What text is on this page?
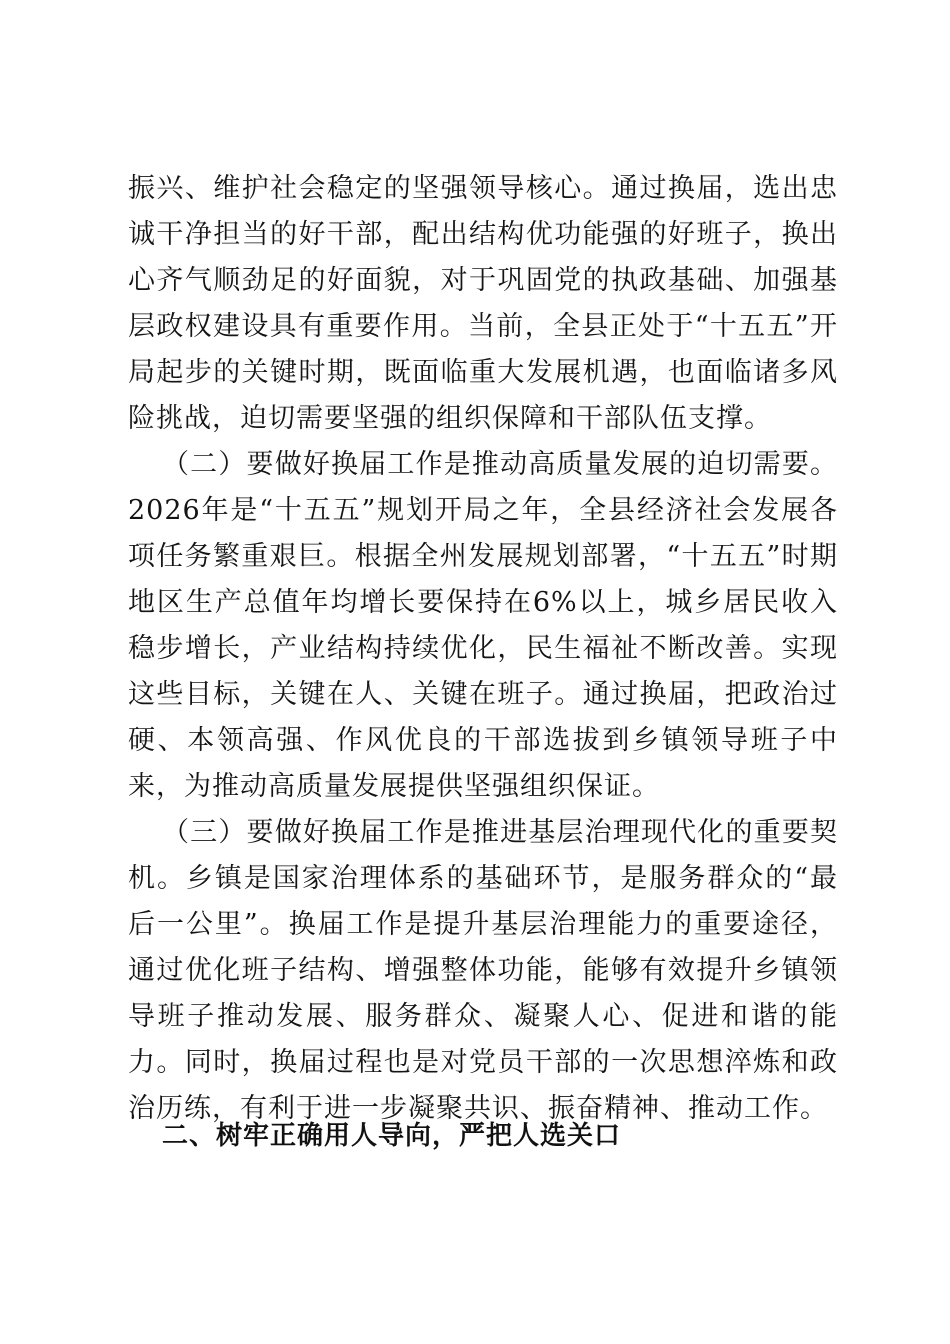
振兴、维护社会稳定的坚强领导核心。通过换届，选出忠诚干净担当的好干部，配出结构优功能强的好班子，换出心齐气顺劲足的好面貌，对于巩固党的执政基础、加强基层政权建设具有重要作用。当前，全县正处于“十五五”开局起步的关键时期，既面临重大发展机遇，也面临诸多风险挑战，迫切需要坚强的组织保障和干部队伍支撑。

（二）要做好换届工作是推动高质量发展的迫切需要。2026年是“十五五”规划开局之年，全县经济社会发展各项任务繁重艰巨。根据全州发展规划部署，“十五五”时期地区生产总值年均增长要保持在6%以上，城乡居民收入稳步增长，产业结构持续优化，民生福祉不断改善。实现这些目标，关键在人、关键在班子。通过换届，把政治过硬、本领高强、作风优良的干部选拔到乡镇领导班子中来，为推动高质量发展提供坚强组织保证。

（三）要做好换届工作是推进基层治理现代化的重要契机。乡镇是国家治理体系的基础环节，是服务群众的“最后一公里”。换届工作是提升基层治理能力的重要途径，通过优化班子结构、增强整体功能，能够有效提升乡镇领导班子推动发展、服务群众、凝聚人心、促进和谐的能力。同时，换届过程也是对党员干部的一次思想淬炼和政治历练，有利于进一步凝聚共识、振奋精神、推动工作。

二、树牢正确用人导向，严把人选关口
